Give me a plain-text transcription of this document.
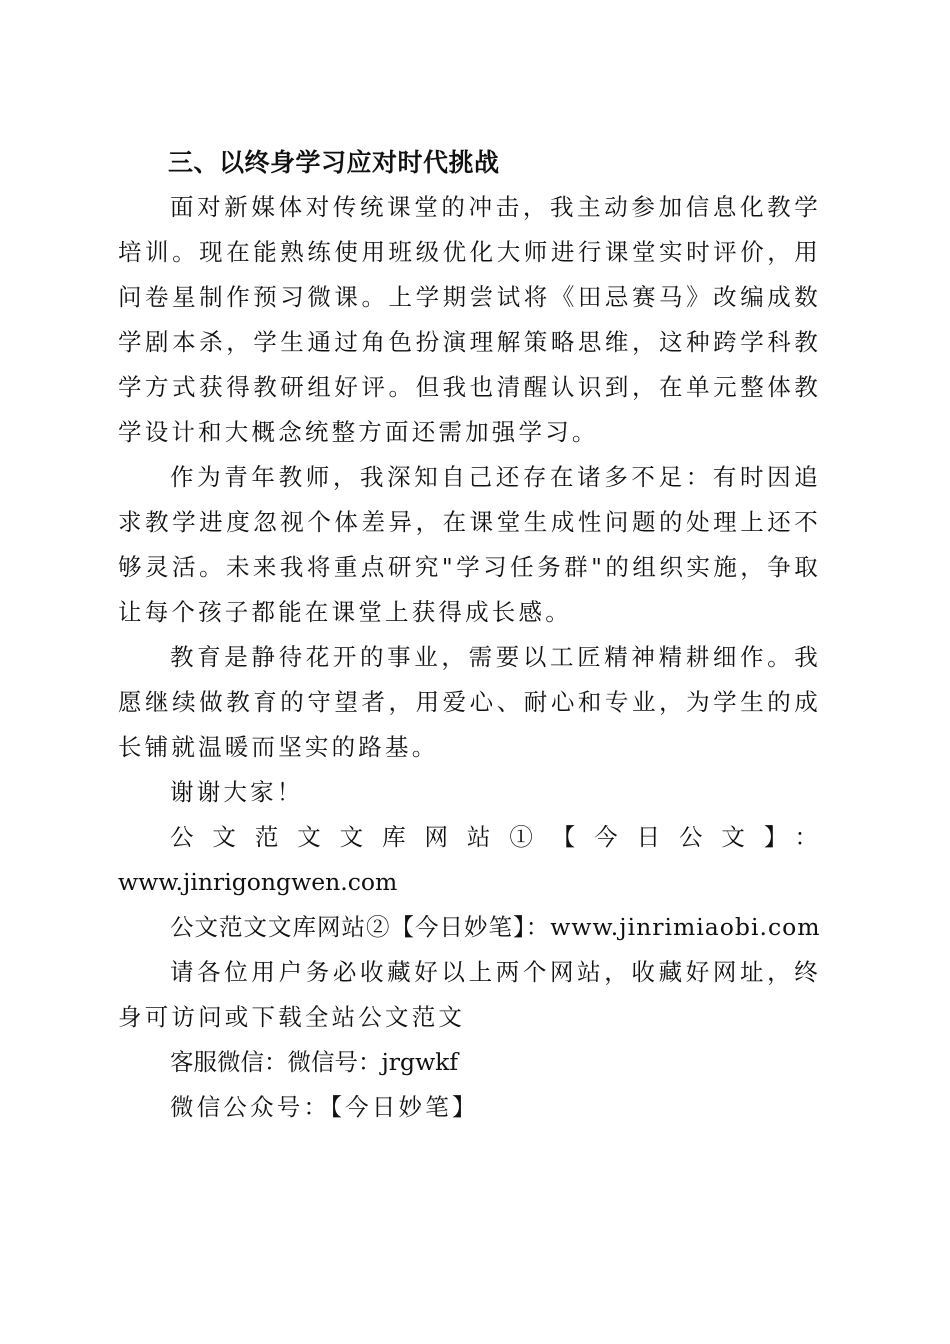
三、以终身学习应对时代挑战

面对新媒体对传统课堂的冲击，我主动参加信息化教学培训。现在能熟练使用班级优化大师进行课堂实时评价，用问卷星制作预习微课。上学期尝试将《田忌赛马》改编成数学剧本杀，学生通过角色扮演理解策略思维，这种跨学科教学方式获得教研组好评。但我也清醒认识到，在单元整体教学设计和大概念统整方面还需加强学习。

作为青年教师，我深知自己还存在诸多不足：有时因追求教学进度忽视个体差异，在课堂生成性问题的处理上还不够灵活。未来我将重点研究"学习任务群"的组织实施，争取让每个孩子都能在课堂上获得成长感。

教育是静待花开的事业，需要以工匠精神精耕细作。我愿继续做教育的守望者，用爱心、耐心和专业，为学生的成长铺就温暖而坚实的路基。

谢谢大家！

公文范文文库网站①【今日公文】：
www.jinrigongwen.com

公文范文文库网站②【今日妙笔】：www.jinrimiaobi.com

请各位用户务必收藏好以上两个网站，收藏好网址，终身可访问或下载全站公文范文

客服微信：微信号：jrgwkf

微信公众号：【今日妙笔】
